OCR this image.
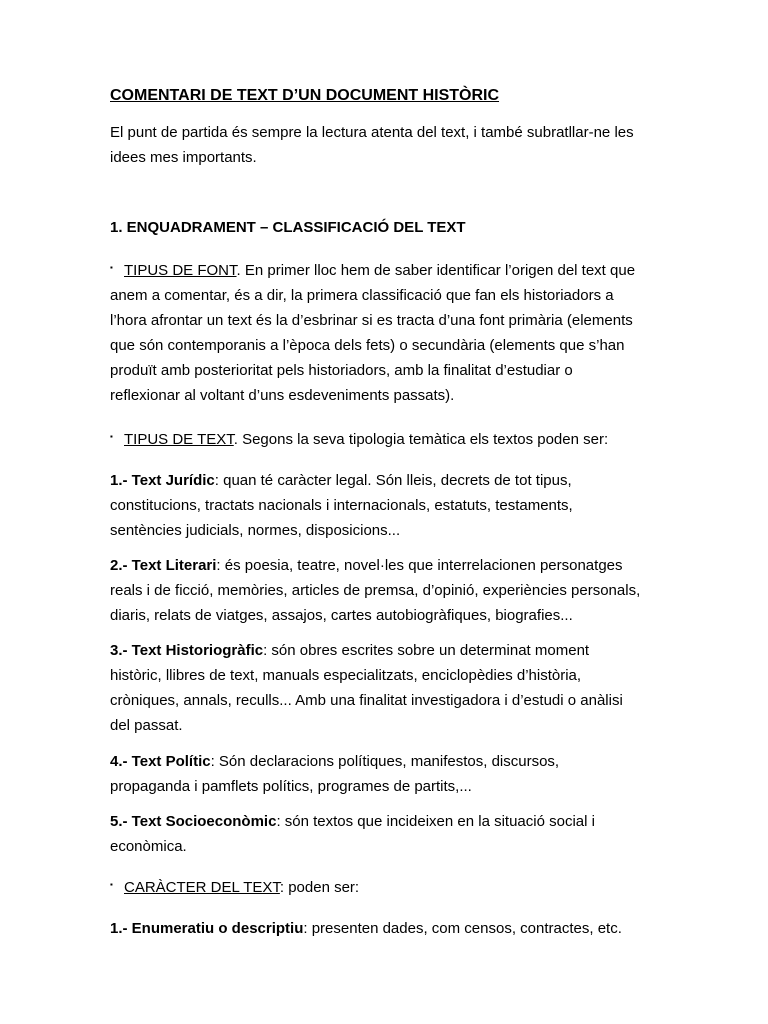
COMENTARI DE TEXT D’UN DOCUMENT HISTÒRIC

El punt de partida és sempre la lectura atenta del text, i també subratllar-ne les
idees mes importants.

1. ENQUADRAMENT – CLASSIFICACIÓ DEL TEXT

▪ TIPUS DE FONT. En primer lloc hem de saber identificar l’origen del text que
anem a comentar, és a dir, la primera classificació que fan els historiadors a
l’hora afrontar un text és la d’esbrinar si es tracta d’una font primària (elements
que són contemporanis a l’època dels fets) o secundària (elements que s’han
produït amb posterioritat pels historiadors, amb la finalitat d’estudiar o
reflexionar al voltant d’uns esdeveniments passats).

▪ TIPUS DE TEXT. Segons la seva tipologia temàtica els textos poden ser:

1.- Text Jurídic: quan té caràcter legal. Són lleis, decrets de tot tipus,
constitucions, tractats nacionals i internacionals, estatuts, testaments,
sentències judicials, normes, disposicions...

2.- Text Literari: és poesia, teatre, novel·les que interrelacionen personatges
reals i de ficció, memòries, articles de premsa, d’opinió, experiències personals,
diaris, relats de viatges, assajos, cartes autobiogràfiques, biografies...

3.- Text Historiogràfic: són obres escrites sobre un determinat moment
històric, llibres de text, manuals especialitzats, enciclopèdies d’història,
cròniques, annals, reculls... Amb una finalitat investigadora i d’estudi o anàlisi
del passat.

4.- Text Polític: Són declaracions polítiques, manifestos, discursos,
propaganda i pamflets polítics, programes de partits,...

5.- Text Socioeconòmic: són textos que incideixen en la situació social i
econòmica.

▪ CARÀCTER DEL TEXT: poden ser:

1.- Enumeratiu o descriptiu: presenten dades, com censos, contractes, etc.
